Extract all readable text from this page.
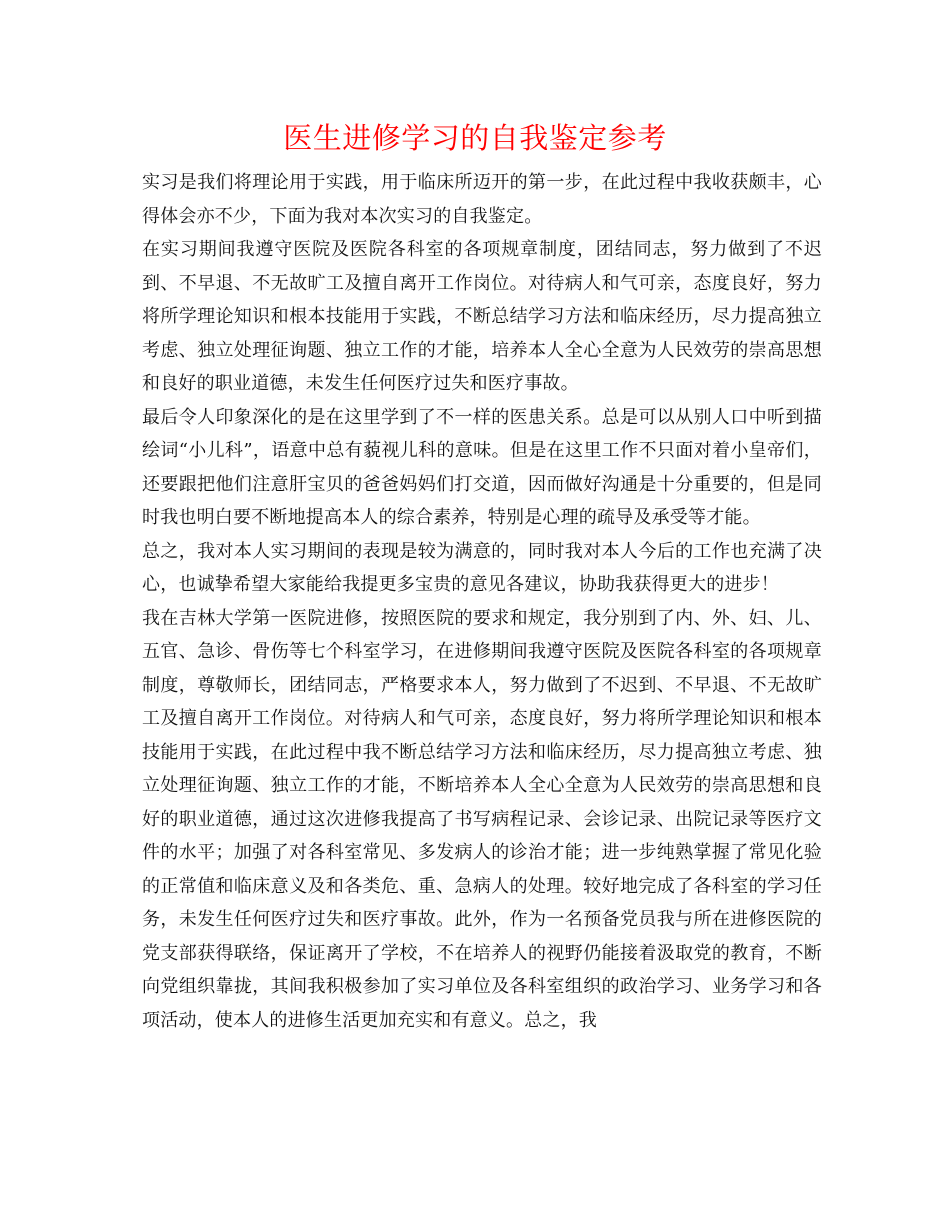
医生进修学习的自我鉴定参考

实习是我们将理论用于实践，用于临床所迈开的第一步，在此过程中我收获颇丰，心得体会亦不少，下面为我对本次实习的自我鉴定。

在实习期间我遵守医院及医院各科室的各项规章制度，团结同志，努力做到了不迟到、不早退、不无故旷工及擅自离开工作岗位。对待病人和气可亲，态度良好，努力将所学理论知识和根本技能用于实践，不断总结学习方法和临床经历，尽力提高独立考虑、独立处理征询题、独立工作的才能，培养本人全心全意为人民效劳的崇高思想和良好的职业道德，未发生任何医疗过失和医疗事故。

最后令人印象深化的是在这里学到了不一样的医患关系。总是可以从别人口中听到描绘词“小儿科”，语意中总有藐视儿科的意味。但是在这里工作不只面对着小皇帝们，还要跟把他们注意肝宝贝的爸爸妈妈们打交道，因而做好沟通是十分重要的，但是同时我也明白要不断地提高本人的综合素养，特别是心理的疏导及承受等才能。

总之，我对本人实习期间的表现是较为满意的，同时我对本人今后的工作也充满了决心，也诚挚希望大家能给我提更多宝贵的意见各建议，协助我获得更大的进步！

我在吉林大学第一医院进修，按照医院的要求和规定，我分别到了内、外、妇、儿、五官、急诊、骨伤等七个科室学习，在进修期间我遵守医院及医院各科室的各项规章制度，尊敬师长，团结同志，严格要求本人，努力做到了不迟到、不早退、不无故旷工及擅自离开工作岗位。对待病人和气可亲，态度良好，努力将所学理论知识和根本技能用于实践，在此过程中我不断总结学习方法和临床经历，尽力提高独立考虑、独立处理征询题、独立工作的才能，不断培养本人全心全意为人民效劳的崇高思想和良好的职业道德，通过这次进修我提高了书写病程记录、会诊记录、出院记录等医疗文件的水平；加强了对各科室常见、多发病人的诊治才能；进一步纯熟掌握了常见化验的正常值和临床意义及和各类危、重、急病人的处理。较好地完成了各科室的学习任务，未发生任何医疗过失和医疗事故。此外，作为一名预备党员我与所在进修医院的党支部获得联络，保证离开了学校，不在培养人的视野仍能接着汲取党的教育，不断向党组织靠拢，其间我积极参加了实习单位及各科室组织的政治学习、业务学习和各项活动，使本人的进修生活更加充实和有意义。总之，我
